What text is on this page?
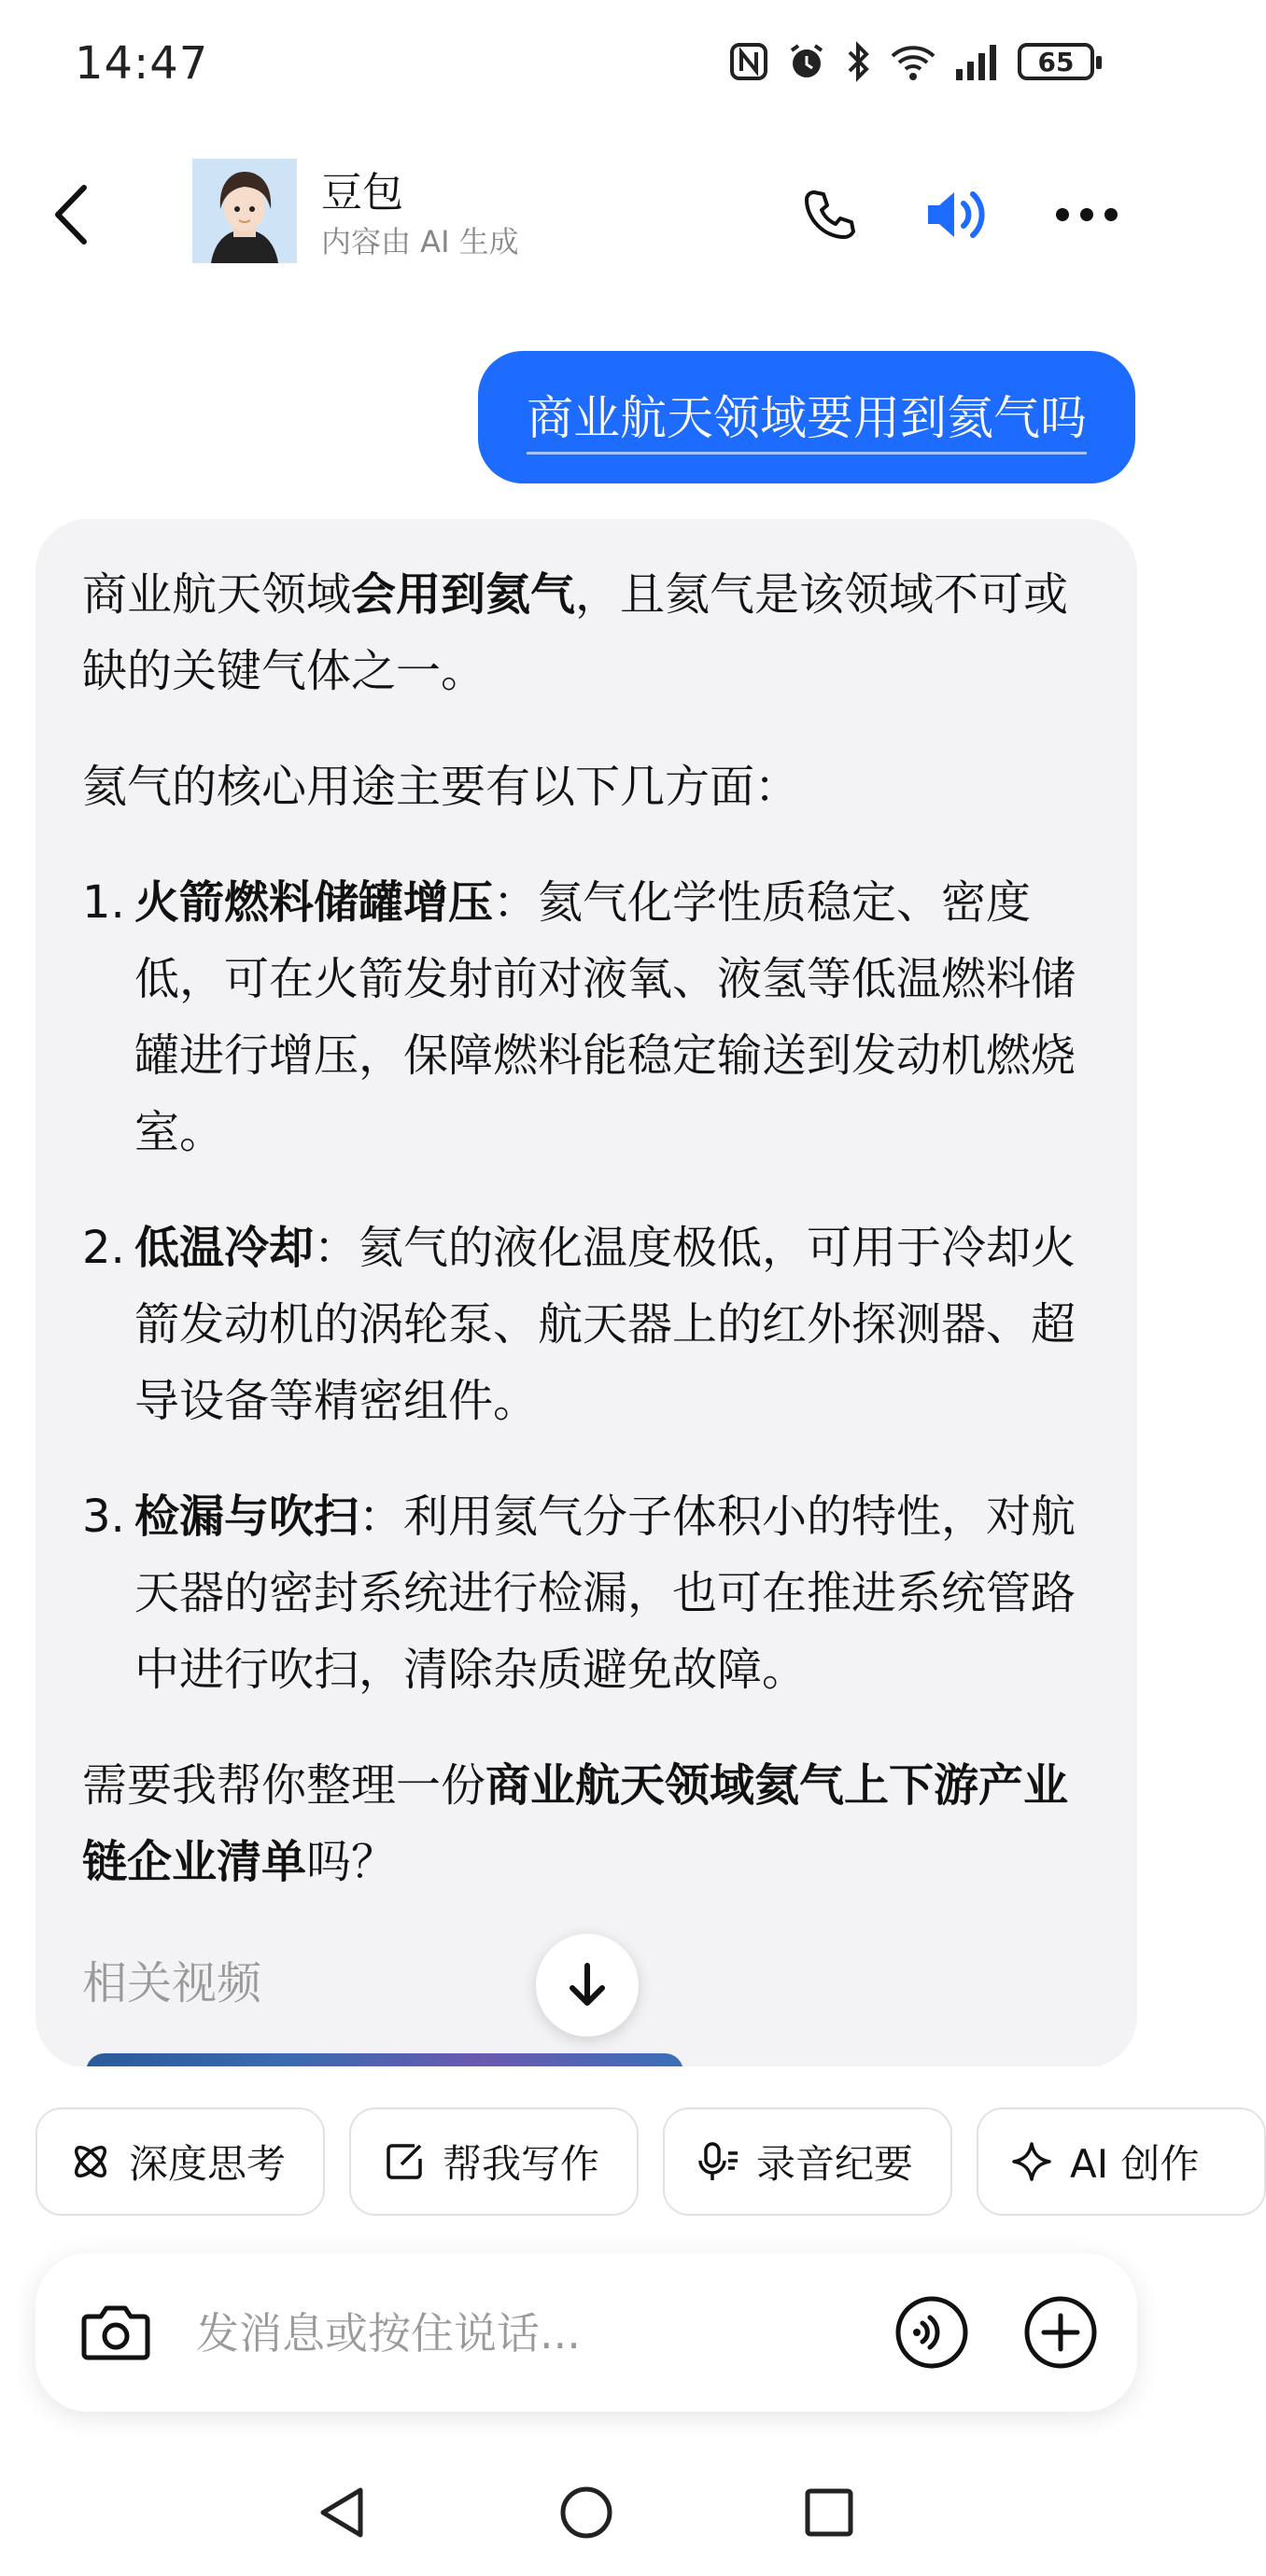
14:47	65
豆包
内容由 AI 生成
商业航天领域要用到氦气吗

商业航天领域会用到氦气，且氦气是该领域不可或缺的关键气体之一。

氦气的核心用途主要有以下几方面：

1. 火箭燃料储罐增压：氦气化学性质稳定、密度低，可在火箭发射前对液氧、液氢等低温燃料储罐进行增压，保障燃料能稳定输送到发动机燃烧室。
2. 低温冷却：氦气的液化温度极低，可用于冷却火箭发动机的涡轮泵、航天器上的红外探测器、超导设备等精密组件。
3. 检漏与吹扫：利用氦气分子体积小的特性，对航天器的密封系统进行检漏，也可在推进系统管路中进行吹扫，清除杂质避免故障。

需要我帮你整理一份商业航天领域氦气上下游产业链企业清单吗？

相关视频
深度思考	帮我写作	录音纪要	AI 创作
发消息或按住说话...
